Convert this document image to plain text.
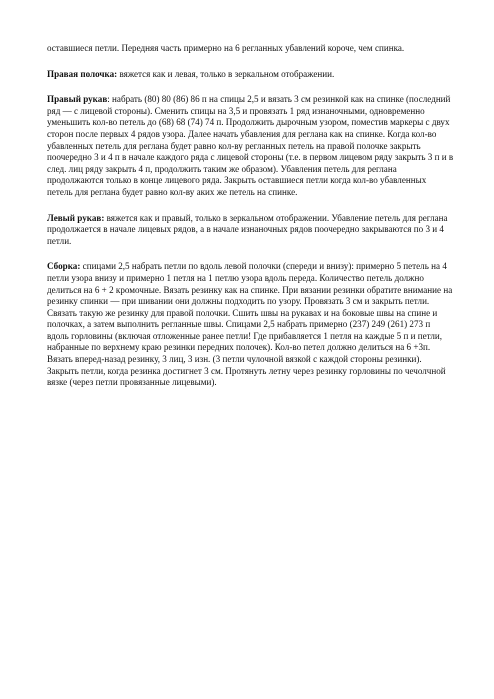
оставшиеся петли. Передняя часть примерно на 6 регланных убавлений короче, чем спинка.

Правая полочка: вяжется как и левая, только в зеркальном отображении.

Правый рукав: набрать (80) 80 (86) 86 п на спицы 2,5 и вязать 3 см резинкой как на спинке (последний ряд — с лицевой стороны). Сменить спицы на 3,5 и провязать 1 ряд изнаночными, одновременно уменьшить кол-во петель до (68) 68 (74) 74 п. Продолжить дырочным узором, поместив маркеры с двух сторон после первых 4 рядов узора. Далее начать убавления для реглана как на спинке. Когда кол-во убавленных петель для реглана будет равно кол-ву регланных петель на правой полочке закрыть поочередно 3 и 4 п в начале каждого ряда с лицевой стороны (т.е. в первом лицевом ряду закрыть 3 п и в след. лиц ряду закрыть 4 п, продолжить таким же образом). Убавления петель для реглана продолжаются только в конце лицевого ряда. Закрыть оставшиеся петли когда кол-во убавленных петель для реглана будет равно кол-ву аких же петель на спинке.

Левый рукав: вяжется как и правый, только в зеркальном отображении. Убавление петель для реглана продолжается в начале лицевых рядов, а в начале изнаночных рядов поочередно закрываются по 3 и 4 петли.

Сборка: спицами 2,5 набрать петли по вдоль левой полочки (спереди и внизу): примерно 5 петель на 4 петли узора внизу и примерно 1 петля на 1 петлю узора вдоль переда. Количество петель должно делиться на 6 + 2 кромочные. Вязать резинку как на спинке. При вязании резинки обратите внимание на резинку спинки — при шивании они должны подходить по узору. Провязать 3 см и закрыть петли. Связать такую же резинку для правой полочки. Сшить швы на рукавах и на боковые швы на спине и полочках, а затем выполнить регланные швы. Спицами 2,5 набрать примерно (237) 249 (261) 273 п вдоль горловины (включая отложенные ранее петли! Где прибавляется 1 петля на каждые 5 п и петли, набранные по верхнему краю резинки передних полочек). Кол-во петел должно делиться на 6 +3п. Вязать вперед-назад резинку, 3 лиц, 3 изн. (3 петли чулочной вязкой с каждой стороны резинки). Закрыть петли, когда резинка достигнет 3 см. Протянуть летну через резинку горловины по чечолчной вязке (через петли провязанные лицевыми).
